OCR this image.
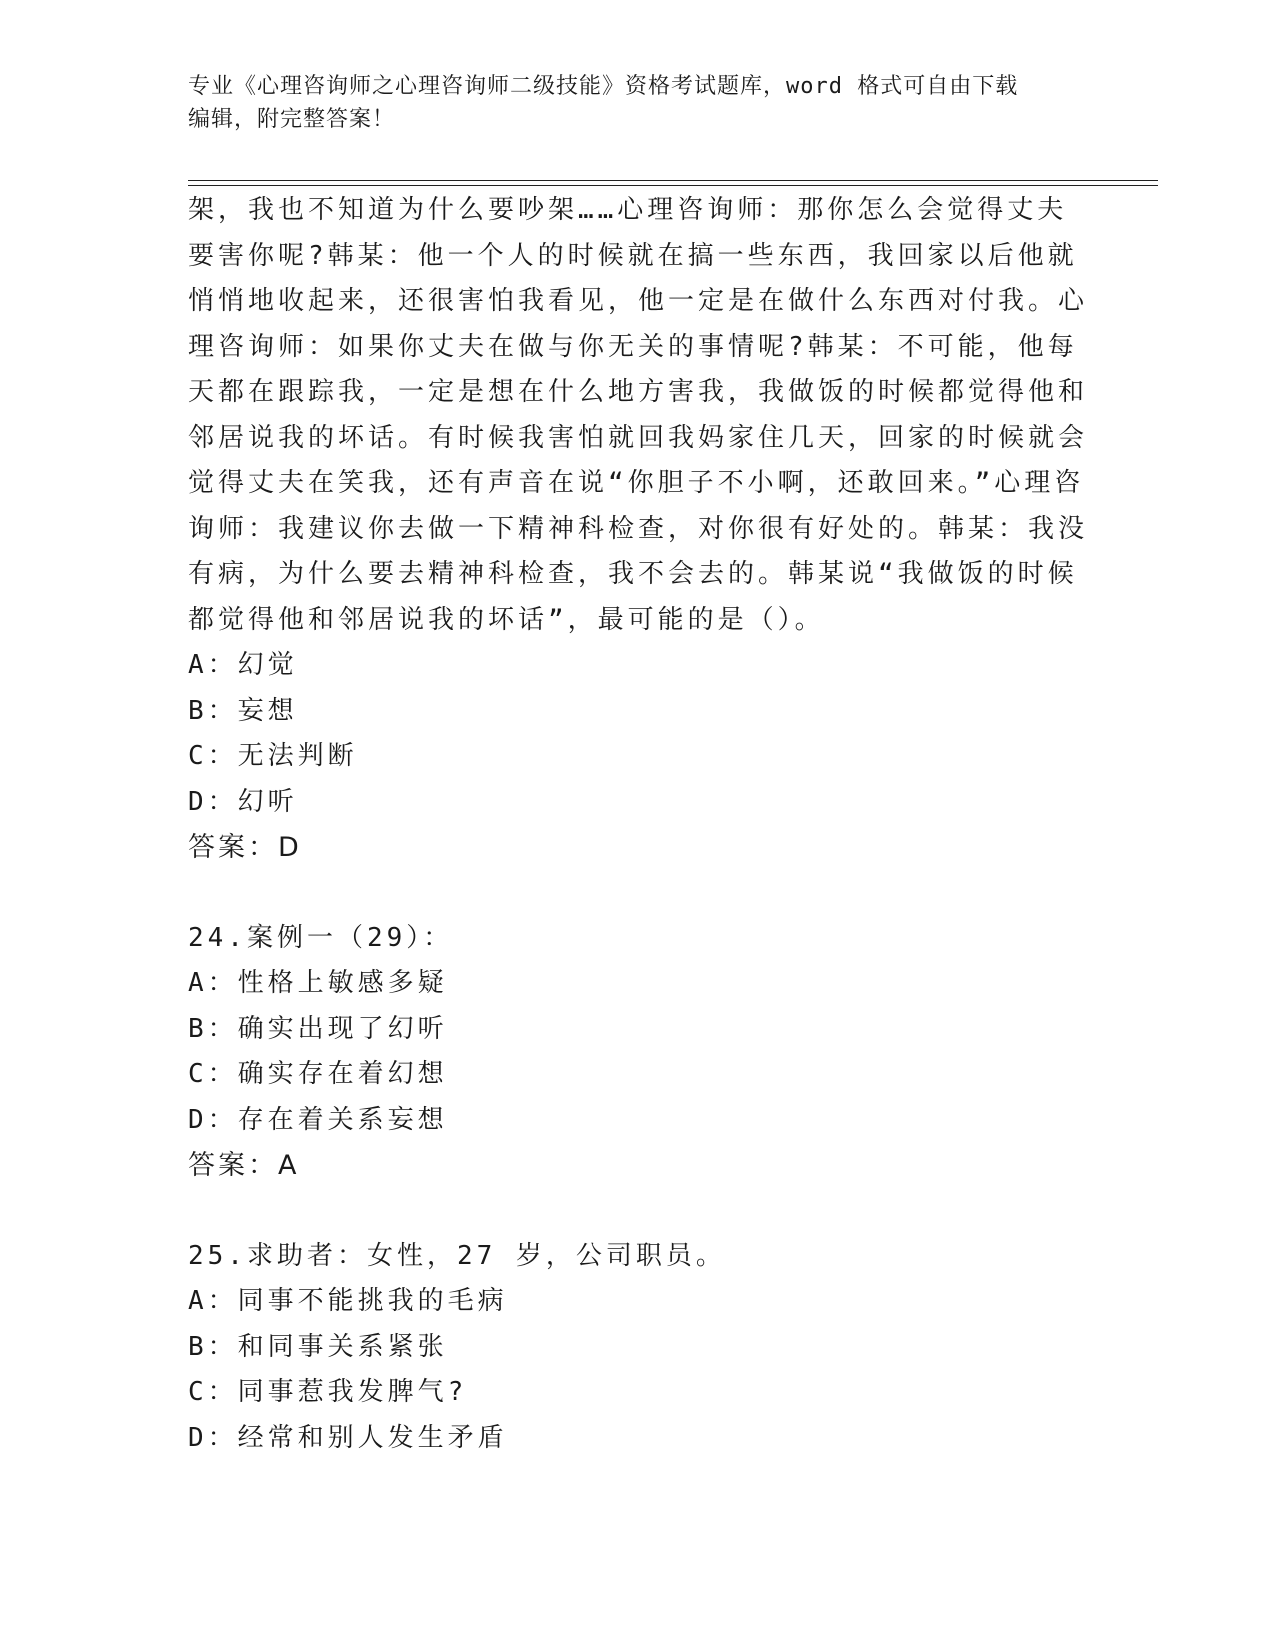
专业《心理咨询师之心理咨询师二级技能》资格考试题库，word 格式可自由下载
编辑，附完整答案！

架，我也不知道为什么要吵架……心理咨询师：那你怎么会觉得丈夫要害你呢?韩某：他一个人的时候就在搞一些东西，我回家以后他就悄悄地收起来，还很害怕我看见，他一定是在做什么东西对付我。心理咨询师：如果你丈夫在做与你无关的事情呢?韩某：不可能，他每天都在跟踪我，一定是想在什么地方害我，我做饭的时候都觉得他和邻居说我的坏话。有时候我害怕就回我妈家住几天，回家的时候就会觉得丈夫在笑我，还有声音在说“你胆子不小啊，还敢回来。”心理咨询师：我建议你去做一下精神科检查，对你很有好处的。韩某：我没有病，为什么要去精神科检查，我不会去的。韩某说“我做饭的时候都觉得他和邻居说我的坏话”，最可能的是（）。

A：幻觉

B：妄想

C：无法判断

D：幻听

答案：D

24.案例一（29）：

A：性格上敏感多疑

B：确实出现了幻听

C：确实存在着幻想

D：存在着关系妄想

答案：A

25.求助者：女性，27 岁，公司职员。

A：同事不能挑我的毛病

B：和同事关系紧张

C：同事惹我发脾气?

D：经常和别人发生矛盾
